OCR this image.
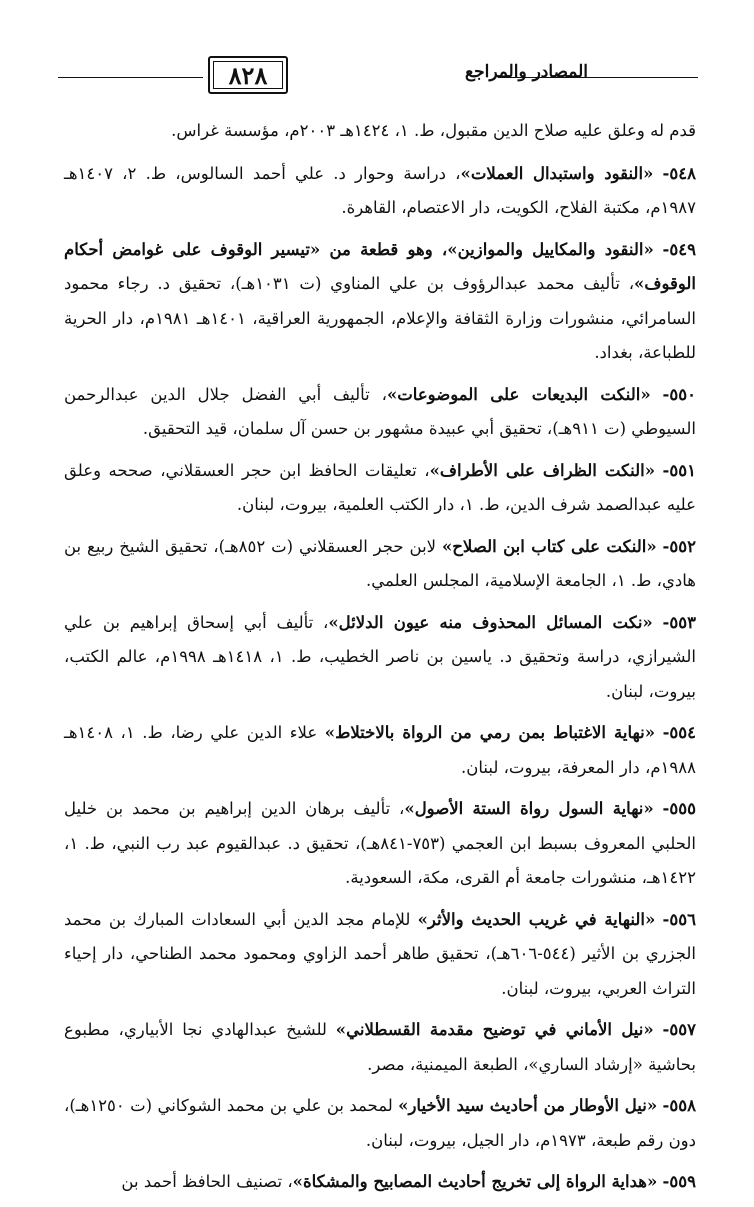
٨٢٨	المصادر والمراجع

قدم له وعلق عليه صلاح الدين مقبول، ط. ١، ١٤٢٤هـ ٢٠٠٣م، مؤسسة غراس.

٥٤٨- «النقود واستبدال العملات»، دراسة وحوار د. علي أحمد السالوس، ط. ٢، ١٤٠٧هـ ١٩٨٧م، مكتبة الفلاح، الكويت، دار الاعتصام، القاهرة.

٥٤٩- «النقود والمكاييل والموازين»، وهو قطعة من «تيسير الوقوف على غوامض أحكام الوقوف»، تأليف محمد عبدالرؤوف بن علي المناوي (ت ١٠٣١هـ)، تحقيق د. رجاء محمود السامرائي، منشورات وزارة الثقافة والإعلام، الجمهورية العراقية، ١٤٠١هـ ١٩٨١م، دار الحرية للطباعة، بغداد.

٥٥٠- «النكت البديعات على الموضوعات»، تأليف أبي الفضل جلال الدين عبدالرحمن السيوطي (ت ٩١١هـ)، تحقيق أبي عبيدة مشهور بن حسن آل سلمان، قيد التحقيق.

٥٥١- «النكت الظراف على الأطراف»، تعليقات الحافظ ابن حجر العسقلاني، صححه وعلق عليه عبدالصمد شرف الدين، ط. ١، دار الكتب العلمية، بيروت، لبنان.

٥٥٢- «النكت على كتاب ابن الصلاح» لابن حجر العسقلاني (ت ٨٥٢هـ)، تحقيق الشيخ ربيع بن هادي، ط. ١، الجامعة الإسلامية، المجلس العلمي.

٥٥٣- «نكت المسائل المحذوف منه عيون الدلائل»، تأليف أبي إسحاق إبراهيم بن علي الشيرازي، دراسة وتحقيق د. ياسين بن ناصر الخطيب، ط. ١، ١٤١٨هـ ١٩٩٨م، عالم الكتب، بيروت، لبنان.

٥٥٤- «نهاية الاغتباط بمن رمي من الرواة بالاختلاط» علاء الدين علي رضا، ط. ١، ١٤٠٨هـ ١٩٨٨م، دار المعرفة، بيروت، لبنان.

٥٥٥- «نهاية السول رواة الستة الأصول»، تأليف برهان الدين إبراهيم بن محمد بن خليل الحلبي المعروف بسبط ابن العجمي (٧٥٣-٨٤١هـ)، تحقيق د. عبدالقيوم عبد رب النبي، ط. ١، ١٤٢٢هـ، منشورات جامعة أم القرى، مكة، السعودية.

٥٥٦- «النهاية في غريب الحديث والأثر» للإمام مجد الدين أبي السعادات المبارك بن محمد الجزري بن الأثير (٥٤٤-٦٠٦هـ)، تحقيق طاهر أحمد الزاوي ومحمود محمد الطناحي، دار إحياء التراث العربي، بيروت، لبنان.

٥٥٧- «نيل الأماني في توضيح مقدمة القسطلاني» للشيخ عبدالهادي نجا الأبياري، مطبوع بحاشية «إرشاد الساري»، الطبعة الميمنية، مصر.

٥٥٨- «نيل الأوطار من أحاديث سيد الأخيار» لمحمد بن علي بن محمد الشوكاني (ت ١٢٥٠هـ)، دون رقم طبعة، ١٩٧٣م، دار الجيل، بيروت، لبنان.

٥٥٩- «هداية الرواة إلى تخريج أحاديث المصابيح والمشكاة»، تصنيف الحافظ أحمد بن
